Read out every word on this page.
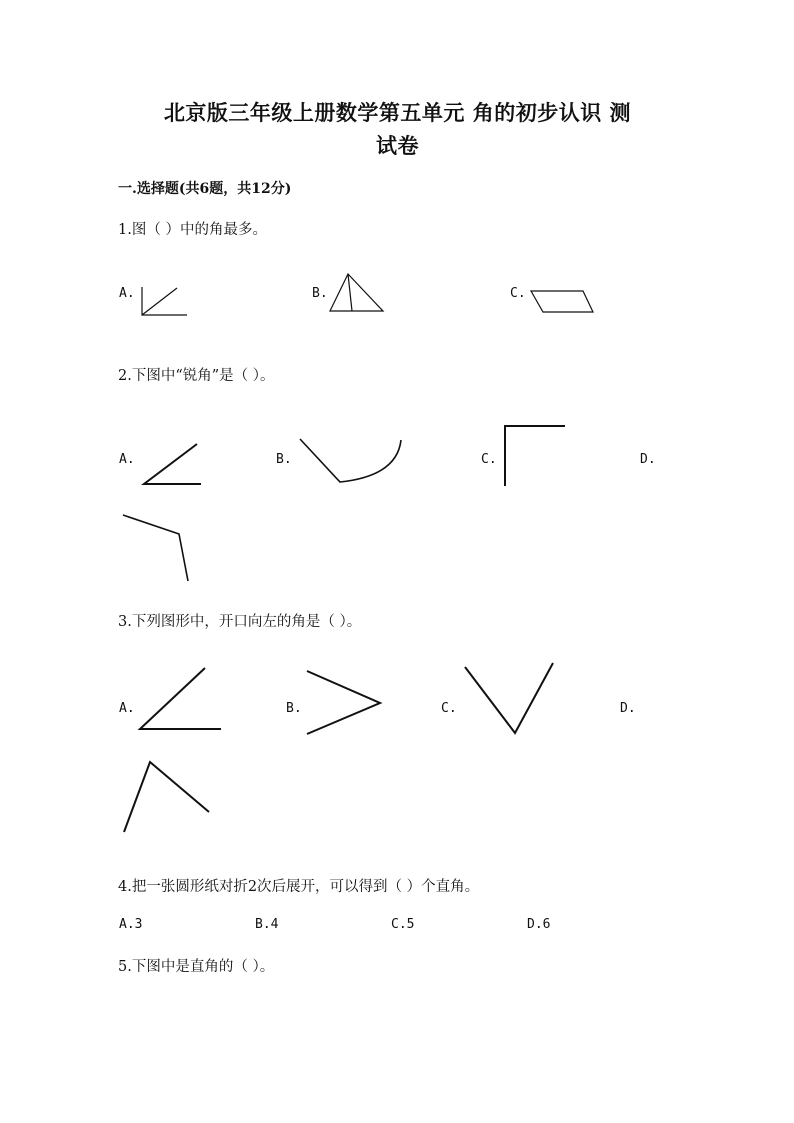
北京版三年级上册数学第五单元 角的初步认识 测
试卷
一.选择题(共6题，共12分)
1.图（ ）中的角最多。
A.	B.	C.
2.下图中“锐角”是（ ）。
A.	B.	C.	D.
3.下列图形中，开口向左的角是（ ）。
A.	B.	C.	D.
4.把一张圆形纸对折2次后展开，可以得到（ ）个直角。
A.3	B.4	C.5	D.6
5.下图中是直角的（ ）。
